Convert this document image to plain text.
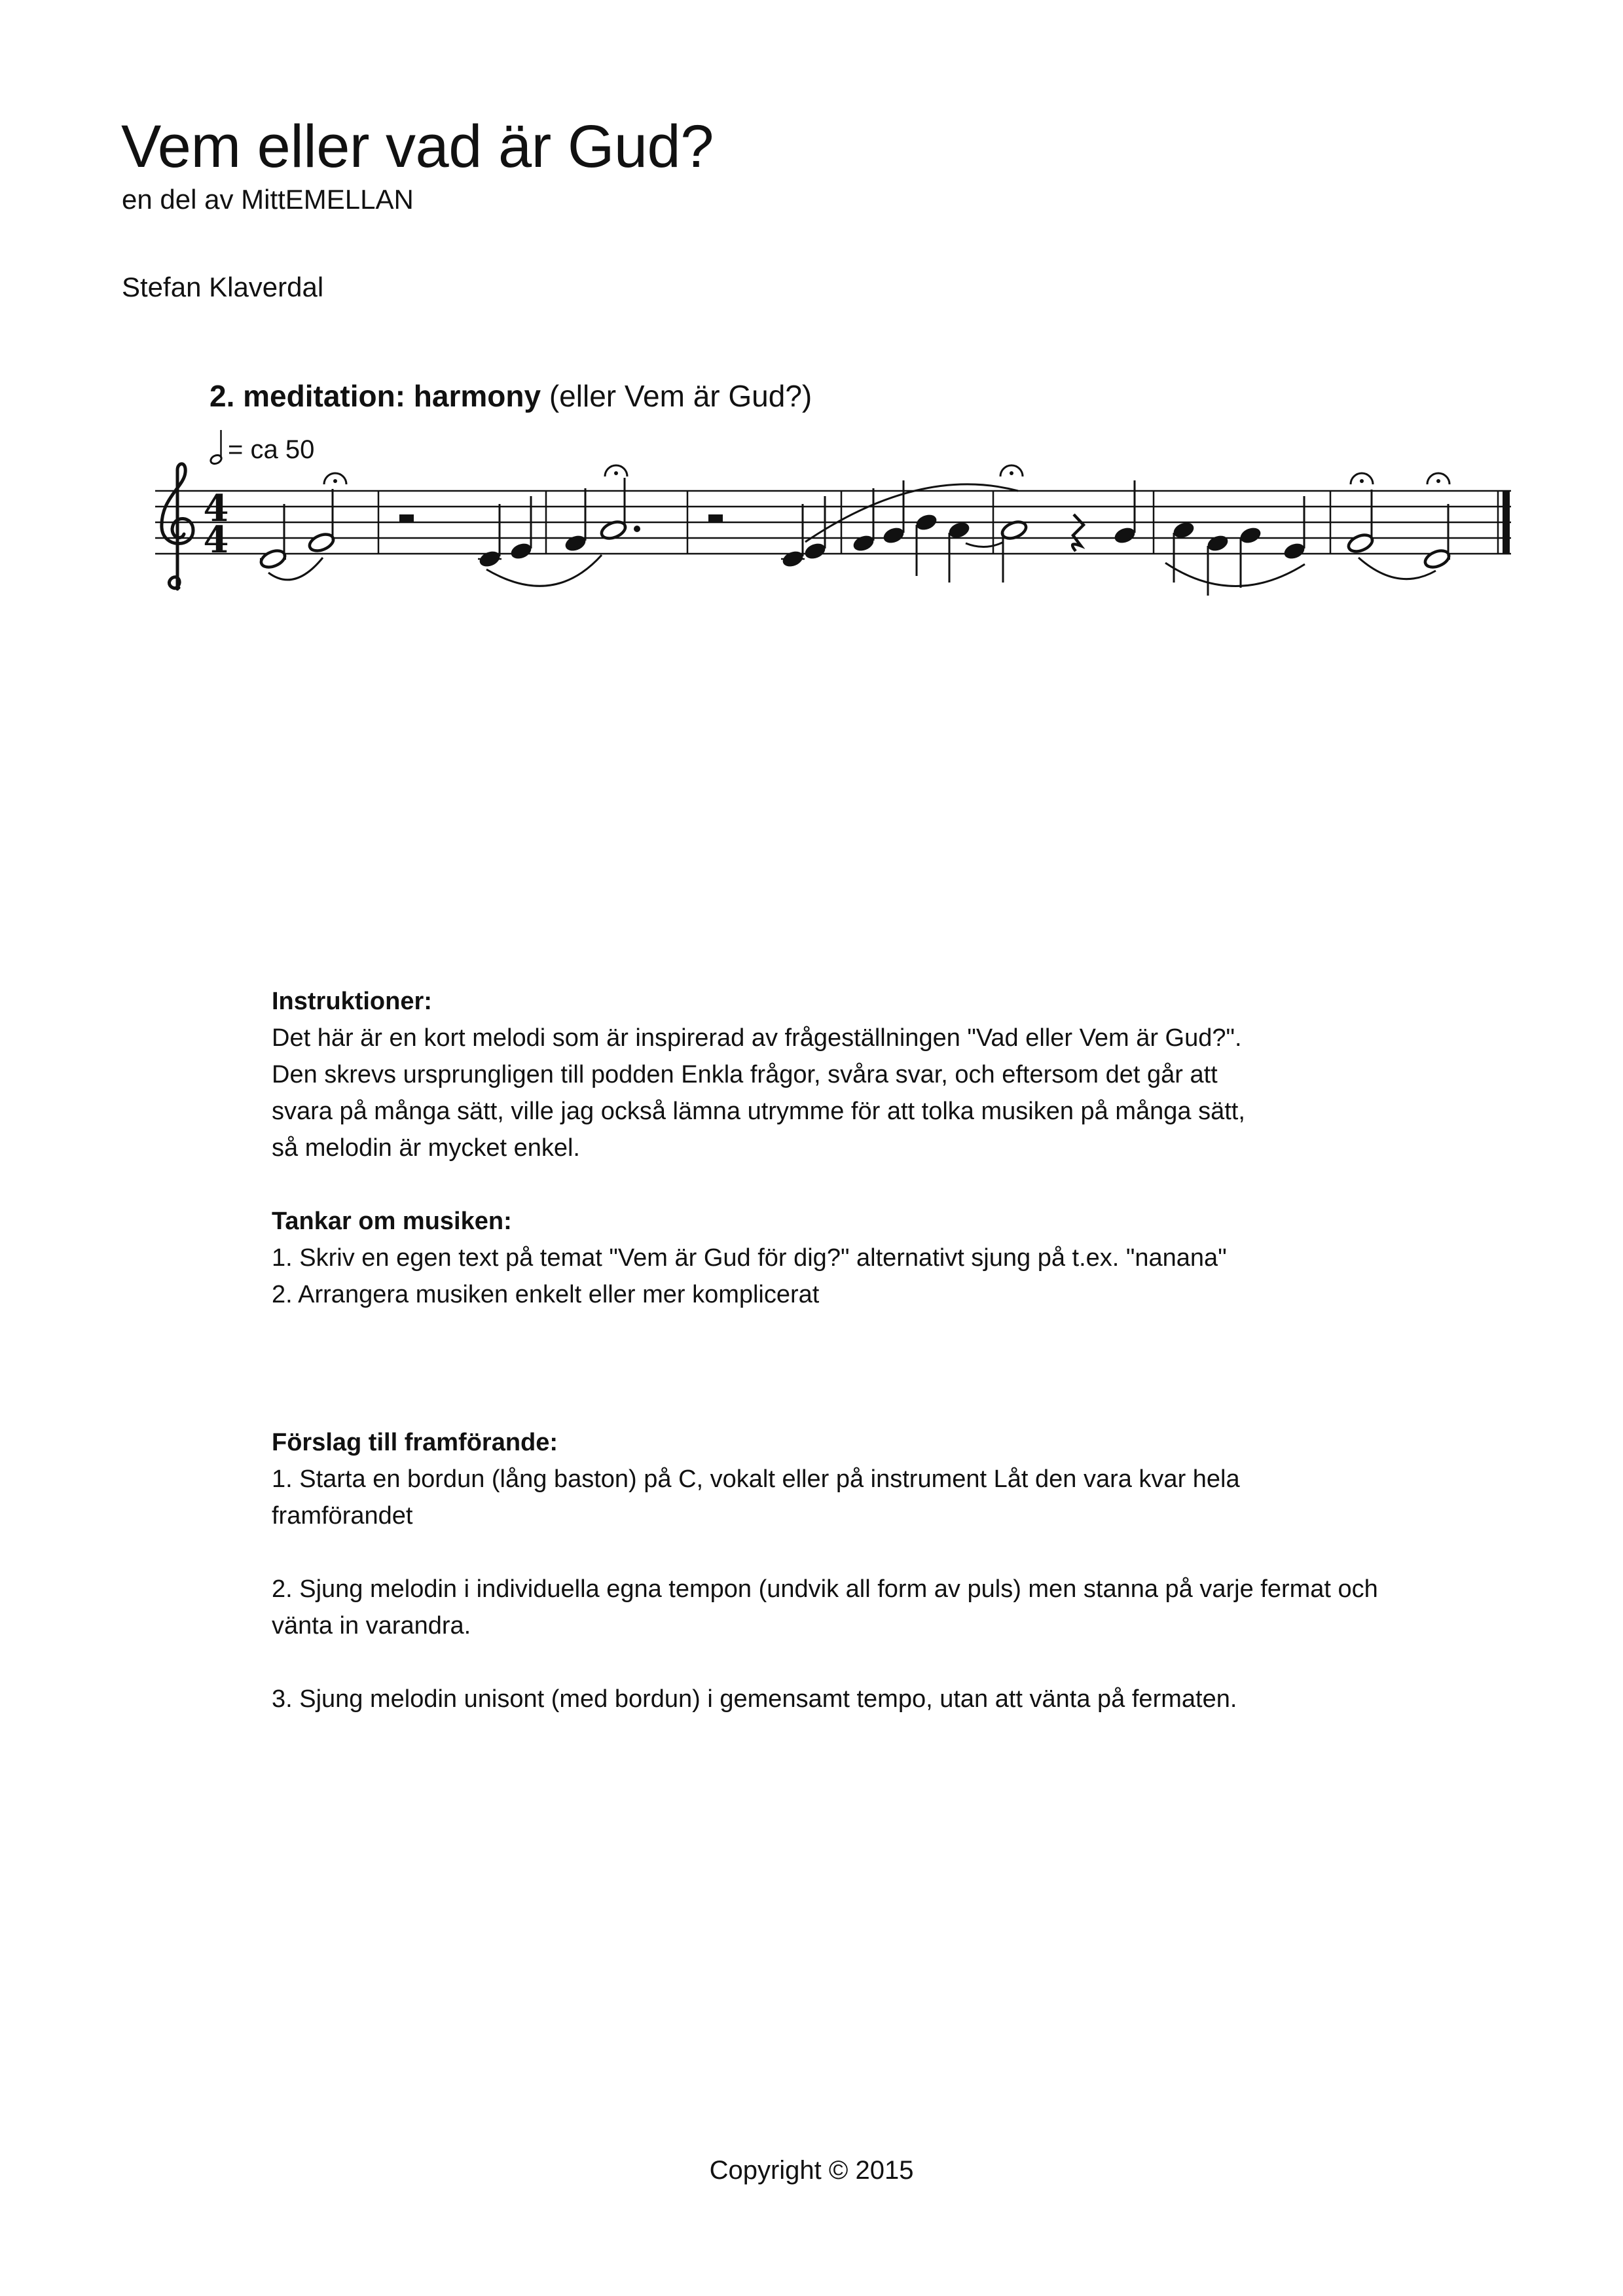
Vem eller vad är Gud?
en del av MittEMELLAN
Stefan Klaverdal
2. meditation: harmony (eller Vem är Gud?)
= ca 50
4
4
Instruktioner:

Det här är en kort melodi som är inspirerad av frågeställningen "Vad eller Vem är Gud?".

Den skrevs ursprungligen till podden Enkla frågor, svåra svar, och eftersom det går att

svara på många sätt, ville jag också lämna utrymme för att tolka musiken på många sätt,

så melodin är mycket enkel.

Tankar om musiken:

1. Skriv en egen text på temat "Vem är Gud för dig?" alternativt sjung på t.ex. "nanana"

2. Arrangera musiken enkelt eller mer komplicerat

Förslag till framförande:

1. Starta en bordun (lång baston) på C, vokalt eller på instrument Låt den vara kvar hela framförandet

2. Sjung melodin i individuella egna tempon (undvik all form av puls) men stanna på varje fermat och vänta in varandra.

3. Sjung melodin unisont (med bordun) i gemensamt tempo, utan att vänta på fermaten.

Copyright © 2015
